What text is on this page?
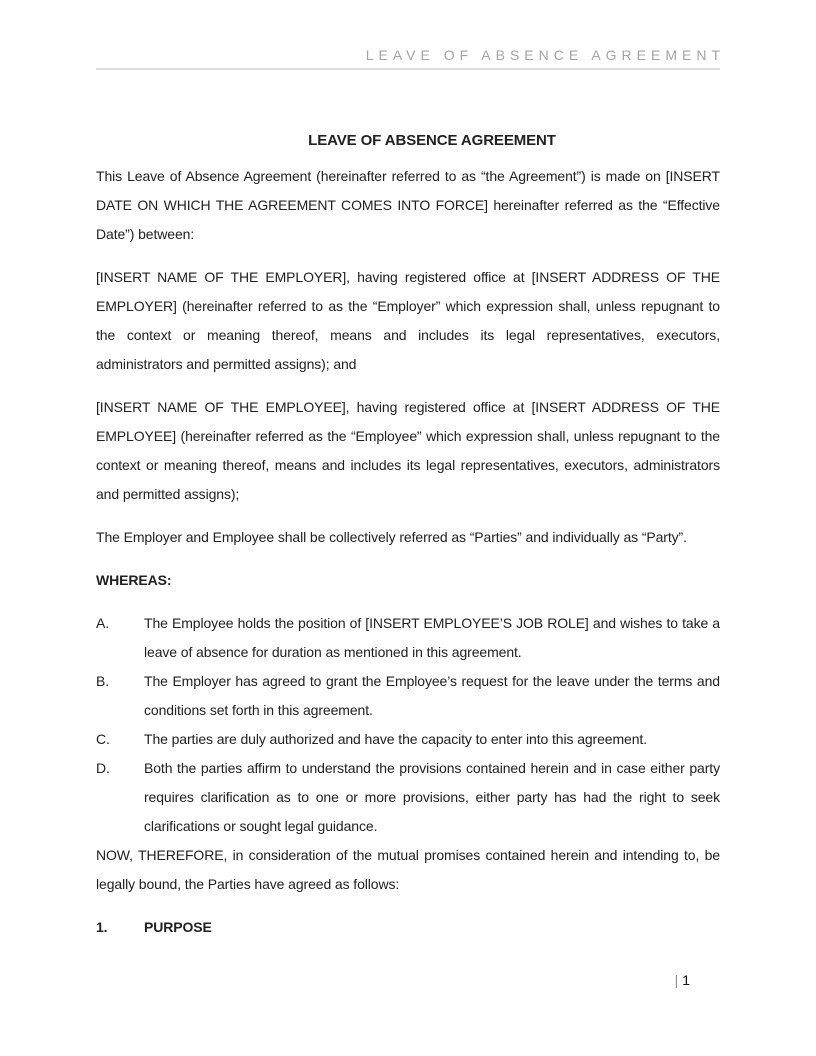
LEAVE OF ABSENCE AGREEMENT

LEAVE OF ABSENCE AGREEMENT

This Leave of Absence Agreement (hereinafter referred to as “the Agreement”) is made on [INSERT DATE ON WHICH THE AGREEMENT COMES INTO FORCE] hereinafter referred as the “Effective Date”) between:

[INSERT NAME OF THE EMPLOYER], having registered office at [INSERT ADDRESS OF THE EMPLOYER] (hereinafter referred to as the “Employer” which expression shall, unless repugnant to the context or meaning thereof, means and includes its legal representatives, executors, administrators and permitted assigns); and

[INSERT NAME OF THE EMPLOYEE], having registered office at [INSERT ADDRESS OF THE EMPLOYEE] (hereinafter referred as the “Employee” which expression shall, unless repugnant to the context or meaning thereof, means and includes its legal representatives, executors, administrators and permitted assigns);

The Employer and Employee shall be collectively referred as “Parties” and individually as “Party”.

WHEREAS:

A. The Employee holds the position of [INSERT EMPLOYEE’S JOB ROLE] and wishes to take a leave of absence for duration as mentioned in this agreement.
B. The Employer has agreed to grant the Employee’s request for the leave under the terms and conditions set forth in this agreement.
C. The parties are duly authorized and have the capacity to enter into this agreement.
D. Both the parties affirm to understand the provisions contained herein and in case either party requires clarification as to one or more provisions, either party has had the right to seek clarifications or sought legal guidance.

NOW, THEREFORE, in consideration of the mutual promises contained herein and intending to, be legally bound, the Parties have agreed as follows:

1.	PURPOSE
| 1
